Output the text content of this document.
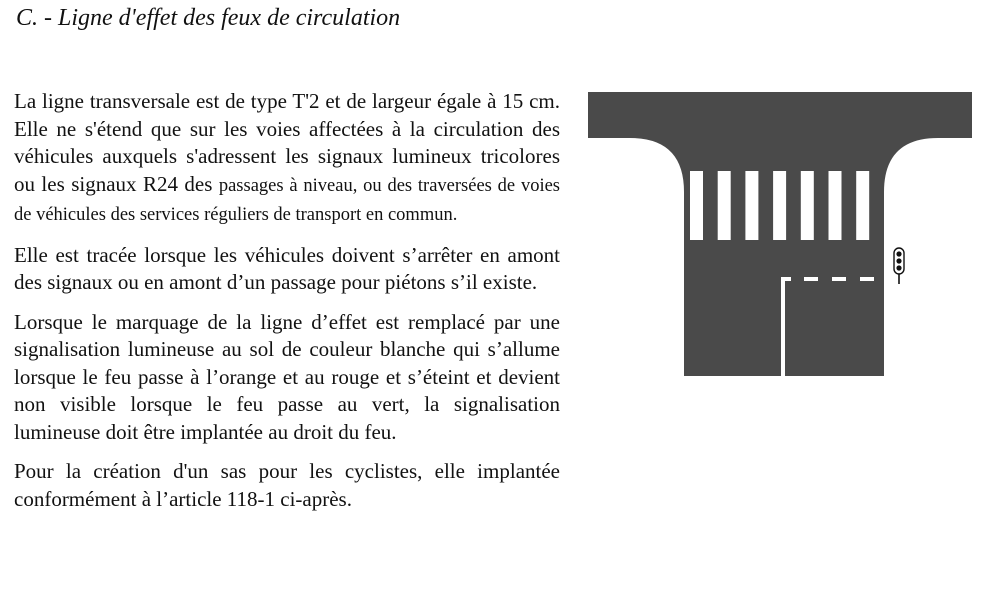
C. - Ligne d'effet des feux de circulation

La ligne transversale est de type T'2 et de largeur égale à 15 cm. Elle ne s'étend que sur les voies affectées à la circulation des véhicules auxquels s'adressent les signaux lumineux tricolores ou les signaux R24 des passages à niveau, ou des traversées de voies de véhicules des services réguliers de transport en commun.

Elle est tracée lorsque les véhicules doivent s’arrêter en amont des signaux ou en amont d’un passage pour piétons s’il existe.

Lorsque le marquage de la ligne d’effet est remplacé par une signalisation lumineuse au sol de couleur blanche qui s’allume lorsque le feu passe à l’orange et au rouge et s’éteint et devient non visible lorsque le feu passe au vert, la signalisation lumineuse doit être implantée au droit du feu.

Pour la création d'un sas pour les cyclistes, elle implantée conformément à l’article 118-1 ci-après.
